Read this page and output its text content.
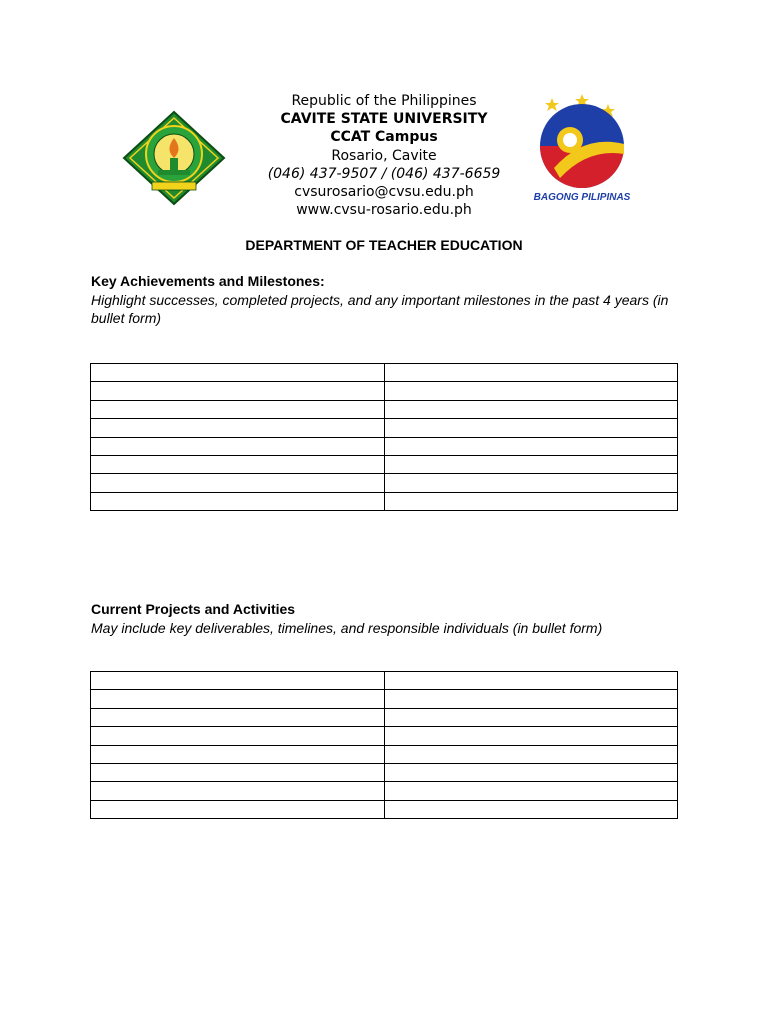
Republic of the Philippines
CAVITE STATE UNIVERSITY
CCAT Campus
Rosario, Cavite
(046) 437-9507 / (046) 437-6659
cvsurosario@cvsu.edu.ph
www.cvsu-rosario.edu.ph
BAGONG PILIPINAS
DEPARTMENT OF TEACHER EDUCATION
Key Achievements and Milestones:
Highlight successes, completed projects, and any important milestones in the past 4 years (in bullet form)

Current Projects and Activities
May include key deliverables, timelines, and responsible individuals (in bullet form)
